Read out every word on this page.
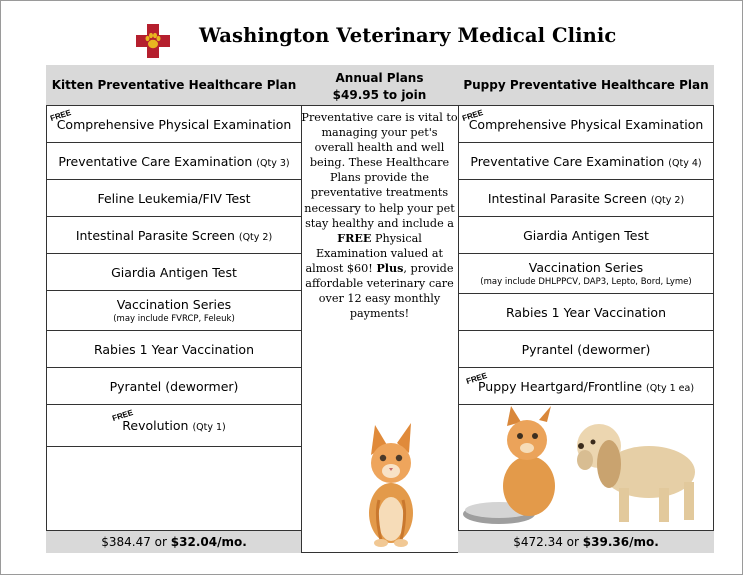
Washington Veterinary Medical Clinic
Kitten Preventative Healthcare Plan
FREE
Comprehensive Physical Examination
Preventative Care Examination (Qty 3)
Feline Leukemia/FIV Test
Intestinal Parasite Screen (Qty 2)
Giardia Antigen Test
Vaccination Series
(may include FVRCP, Feleuk)
Rabies 1 Year Vaccination
Pyrantel (dewormer)
FREE
Revolution (Qty 1)
$384.47 or $32.04/mo.
Annual Plans
$49.95 to join
Preventative care is vital to managing your pet's overall health and well being. These Healthcare Plans provide the preventative treatments necessary to help your pet stay healthy and include a FREE Physical Examination valued at almost $60! Plus, provide affordable veterinary care over 12 easy monthly payments!
Puppy Preventative Healthcare Plan
FREE
Comprehensive Physical Examination
Preventative Care Examination (Qty 4)
Intestinal Parasite Screen (Qty 2)
Giardia Antigen Test
Vaccination Series
(may include DHLPPCV, DAP3, Lepto, Bord, Lyme)
Rabies 1 Year Vaccination
Pyrantel (dewormer)
FREE
Puppy Heartgard/Frontline (Qty 1 ea)
$472.34 or $39.36/mo.
